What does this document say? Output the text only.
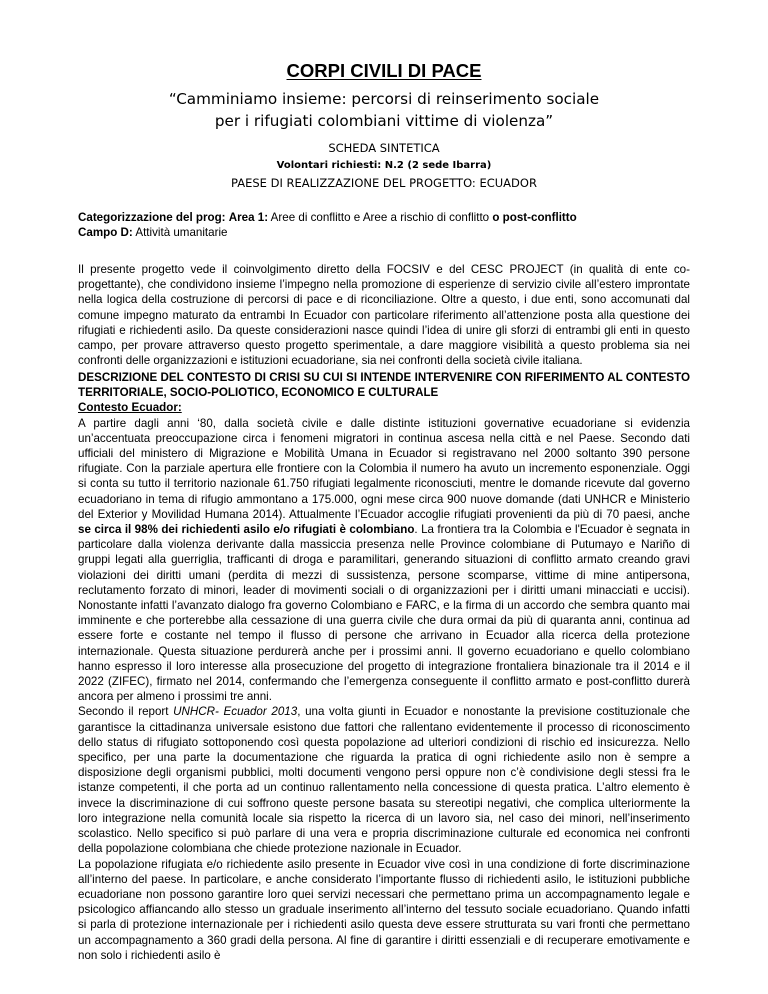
CORPI CIVILI DI PACE
“Camminiamo insieme: percorsi di reinserimento sociale
per i rifugiati colombiani vittime di violenza”
SCHEDA SINTETICA
Volontari richiesti: N.2 (2 sede Ibarra)
PAESE DI REALIZZAZIONE DEL PROGETTO: ECUADOR

Categorizzazione del prog: Area 1: Aree di conflitto e Aree a rischio di conflitto o post-conflitto

Campo D: Attività umanitarie

Il presente progetto vede il coinvolgimento diretto della FOCSIV e del CESC PROJECT (in qualità di ente co-progettante), che condividono insieme l’impegno nella promozione di esperienze di servizio civile all’estero improntate nella logica della costruzione di percorsi di pace e di riconciliazione. Oltre a questo, i due enti, sono accomunati dal comune impegno maturato da entrambi In Ecuador con particolare riferimento all’attenzione posta alla questione dei rifugiati e richiedenti asilo. Da queste considerazioni nasce quindi l’idea di unire gli sforzi di entrambi gli enti in questo campo, per provare attraverso questo progetto sperimentale, a dare maggiore visibilità a questo problema sia nei confronti delle organizzazioni e istituzioni ecuadoriane, sia nei confronti della società civile italiana.

DESCRIZIONE DEL CONTESTO DI CRISI SU CUI SI INTENDE INTERVENIRE CON RIFERIMENTO AL CONTESTO TERRITORIALE, SOCIO-POLIOTICO, ECONOMICO E CULTURALE

Contesto Ecuador:

A partire dagli anni ‘80, dalla società civile e dalle distinte istituzioni governative ecuadoriane si evidenzia un’accentuata preoccupazione circa i fenomeni migratori in continua ascesa nella città e nel Paese. Secondo dati ufficiali del ministero di Migrazione e Mobilità Umana in Ecuador si registravano nel 2000 soltanto 390 persone rifugiate. Con la parziale apertura elle frontiere con la Colombia il numero ha avuto un incremento esponenziale. Oggi si conta su tutto il territorio nazionale 61.750 rifugiati legalmente riconosciuti, mentre le domande ricevute dal governo ecuadoriano in tema di rifugio ammontano a 175.000, ogni mese circa 900 nuove domande (dati UNHCR e Ministerio del Exterior y Movilidad Humana 2014). Attualmente l’Ecuador accoglie rifugiati provenienti da più di 70 paesi, anche se circa il 98% dei richiedenti asilo e/o rifugiati è colombiano. La frontiera tra la Colombia e l'Ecuador è segnata in particolare dalla violenza derivante dalla massiccia presenza nelle Province colombiane di Putumayo e Nariño di gruppi legati alla guerriglia, trafficanti di droga e paramilitari, generando situazioni di conflitto armato creando gravi violazioni dei diritti umani (perdita di mezzi di sussistenza, persone scomparse, vittime di mine antipersona, reclutamento forzato di minori, leader di movimenti sociali o di organizzazioni per i diritti umani minacciati e uccisi). Nonostante infatti l’avanzato dialogo fra governo Colombiano e FARC, e la firma di un accordo che sembra quanto mai imminente e che porterebbe alla cessazione di una guerra civile che dura ormai da più di quaranta anni, continua ad essere forte e costante nel tempo il flusso di persone che arrivano in Ecuador alla ricerca della protezione internazionale. Questa situazione perdurerà anche per i prossimi anni. Il governo ecuadoriano e quello colombiano hanno espresso il loro interesse alla prosecuzione del progetto di integrazione frontaliera binazionale tra il 2014 e il 2022 (ZIFEC), firmato nel 2014, confermando che l’emergenza conseguente il conflitto armato e post-conflitto durerà ancora per almeno i prossimi tre anni.

Secondo il report UNHCR- Ecuador 2013, una volta giunti in Ecuador e nonostante la previsione costituzionale che garantisce la cittadinanza universale esistono due fattori che rallentano evidentemente il processo di riconoscimento dello status di rifugiato sottoponendo così questa popolazione ad ulteriori condizioni di rischio ed insicurezza. Nello specifico, per una parte la documentazione che riguarda la pratica di ogni richiedente asilo non è sempre a disposizione degli organismi pubblici, molti documenti vengono persi oppure non c’è condivisione degli stessi fra le istanze competenti, il che porta ad un continuo rallentamento nella concessione di questa pratica. L’altro elemento è invece la discriminazione di cui soffrono queste persone basata su stereotipi negativi, che complica ulteriormente la loro integrazione nella comunità locale sia rispetto la ricerca di un lavoro sia, nel caso dei minori, nell’inserimento scolastico. Nello specifico si può parlare di una vera e propria discriminazione culturale ed economica nei confronti della popolazione colombiana che chiede protezione nazionale in Ecuador.

La popolazione rifugiata e/o richiedente asilo presente in Ecuador vive così in una condizione di forte discriminazione all’interno del paese. In particolare, e anche considerato l’importante flusso di richiedenti asilo, le istituzioni pubbliche ecuadoriane non possono garantire loro quei servizi necessari che permettano prima un accompagnamento legale e psicologico affiancando allo stesso un graduale inserimento all’interno del tessuto sociale ecuadoriano. Quando infatti si parla di protezione internazionale per i richiedenti asilo questa deve essere strutturata su vari fronti che permettano un accompagnamento a 360 gradi della persona. Al fine di garantire i diritti essenziali e di recuperare emotivamente e non solo i richiedenti asilo è
